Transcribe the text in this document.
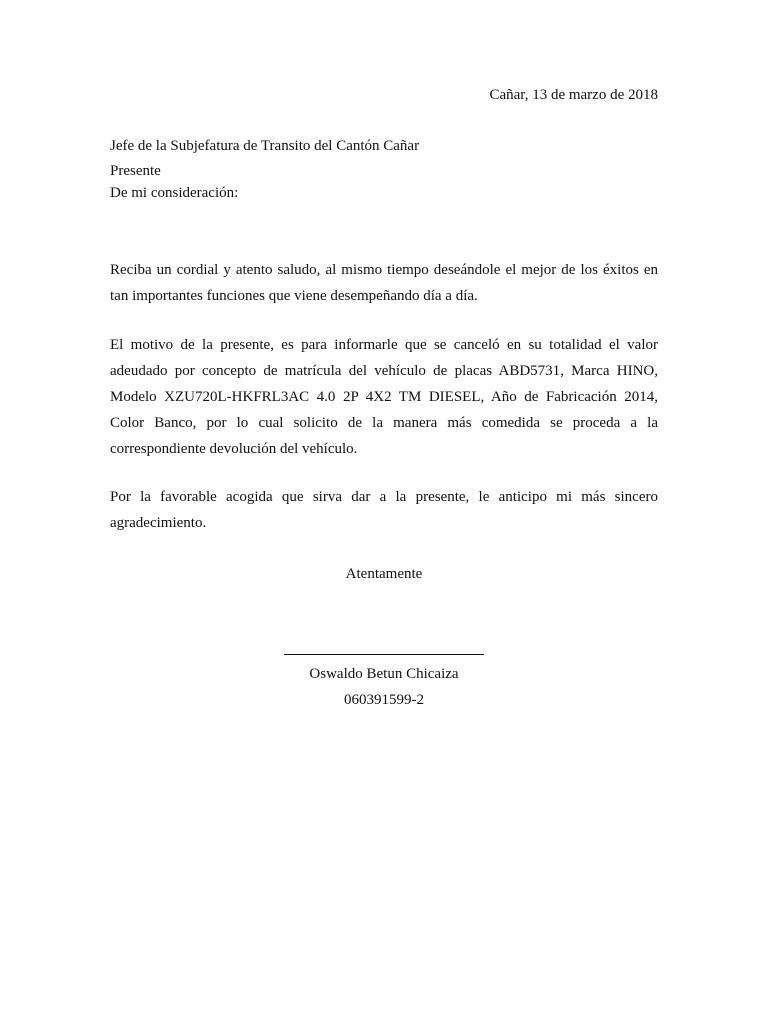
Cañar, 13 de marzo de 2018
Jefe de la Subjefatura de Transito del Cantón Cañar
Presente
De mi consideración:
Reciba un cordial y atento saludo, al mismo tiempo deseándole el mejor de los éxitos en
tan importantes funciones que viene desempeñando día a día.
El motivo de la presente, es para informarle que se canceló en su totalidad el valor
adeudado por concepto de matrícula del vehículo de placas ABD5731, Marca HINO,
Modelo XZU720L-HKFRL3AC 4.0 2P 4X2 TM DIESEL, Año de Fabricación 2014,
Color Banco, por lo cual solicito de la manera más comedida se proceda a la
correspondiente devolución del vehículo.
Por la favorable acogida que sirva dar a la presente, le anticipo mi más sincero
agradecimiento.
Atentamente
Oswaldo Betun Chicaiza
060391599-2
